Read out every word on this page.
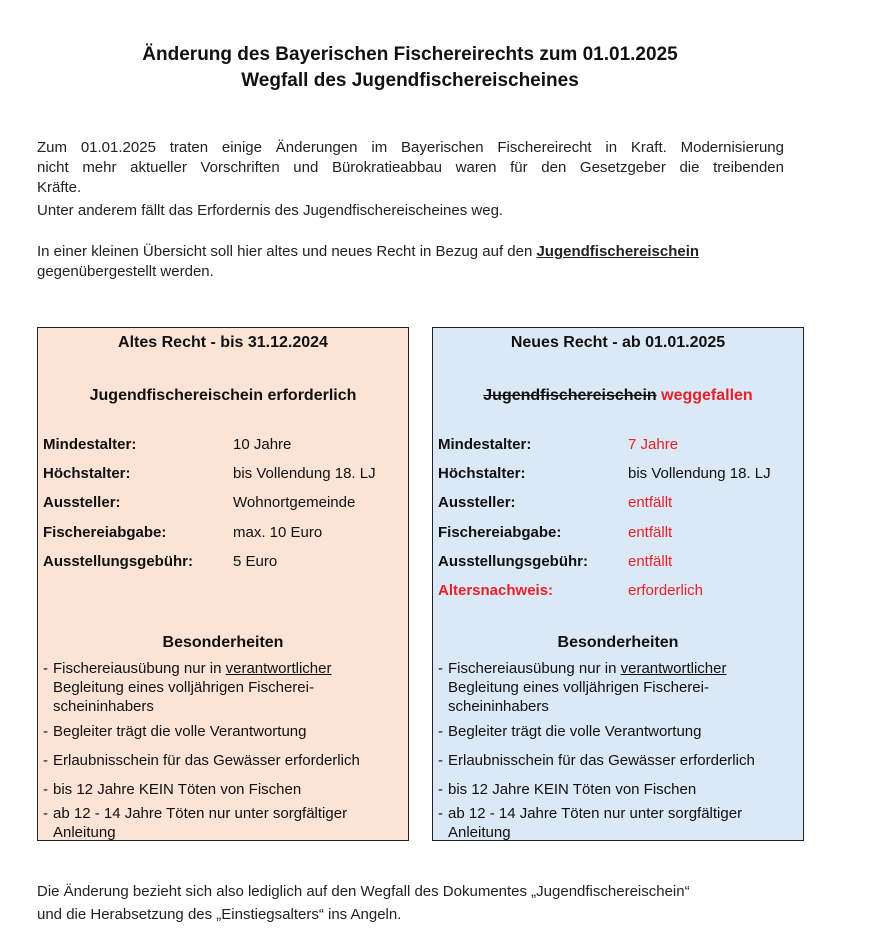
Änderung des Bayerischen Fischereirechts zum 01.01.2025
Wegfall des Jugendfischereischeines
Zum 01.01.2025 traten einige Änderungen im Bayerischen Fischereirecht in Kraft. Modernisierung
nicht mehr aktueller Vorschriften und Bürokratieabbau waren für den Gesetzgeber die treibenden
Kräfte.
Unter anderem fällt das Erfordernis des Jugendfischereischeines weg.
In einer kleinen Übersicht soll hier altes und neues Recht in Bezug auf den Jugendfischereischein
gegenübergestellt werden.
Altes Recht - bis 31.12.2024
Jugendfischereischein erforderlich
Mindestalter:	10 Jahre
Höchstalter:	bis Vollendung 18. LJ
Aussteller:	Wohnortgemeinde
Fischereiabgabe:	max. 10 Euro
Ausstellungsgebühr:	5 Euro
Besonderheiten
- Fischereiausübung nur in verantwortlicher
Begleitung eines volljährigen Fischerei-
scheininhabers
- Begleiter trägt die volle Verantwortung
- Erlaubnisschein für das Gewässer erforderlich
- bis 12 Jahre KEIN Töten von Fischen
- ab 12 - 14 Jahre Töten nur unter sorgfältiger
Anleitung
Neues Recht - ab 01.01.2025
Jugendfischereischein weggefallen
Mindestalter:	7 Jahre
Höchstalter:	bis Vollendung 18. LJ
Aussteller:	entfällt
Fischereiabgabe:	entfällt
Ausstellungsgebühr:	entfällt
Altersnachweis:	erforderlich
Besonderheiten
- Fischereiausübung nur in verantwortlicher
Begleitung eines volljährigen Fischerei-
scheininhabers
- Begleiter trägt die volle Verantwortung
- Erlaubnisschein für das Gewässer erforderlich
- bis 12 Jahre KEIN Töten von Fischen
- ab 12 - 14 Jahre Töten nur unter sorgfältiger
Anleitung
Die Änderung bezieht sich also lediglich auf den Wegfall des Dokumentes „Jugendfischereischein“
und die Herabsetzung des „Einstiegsalters“ ins Angeln.
